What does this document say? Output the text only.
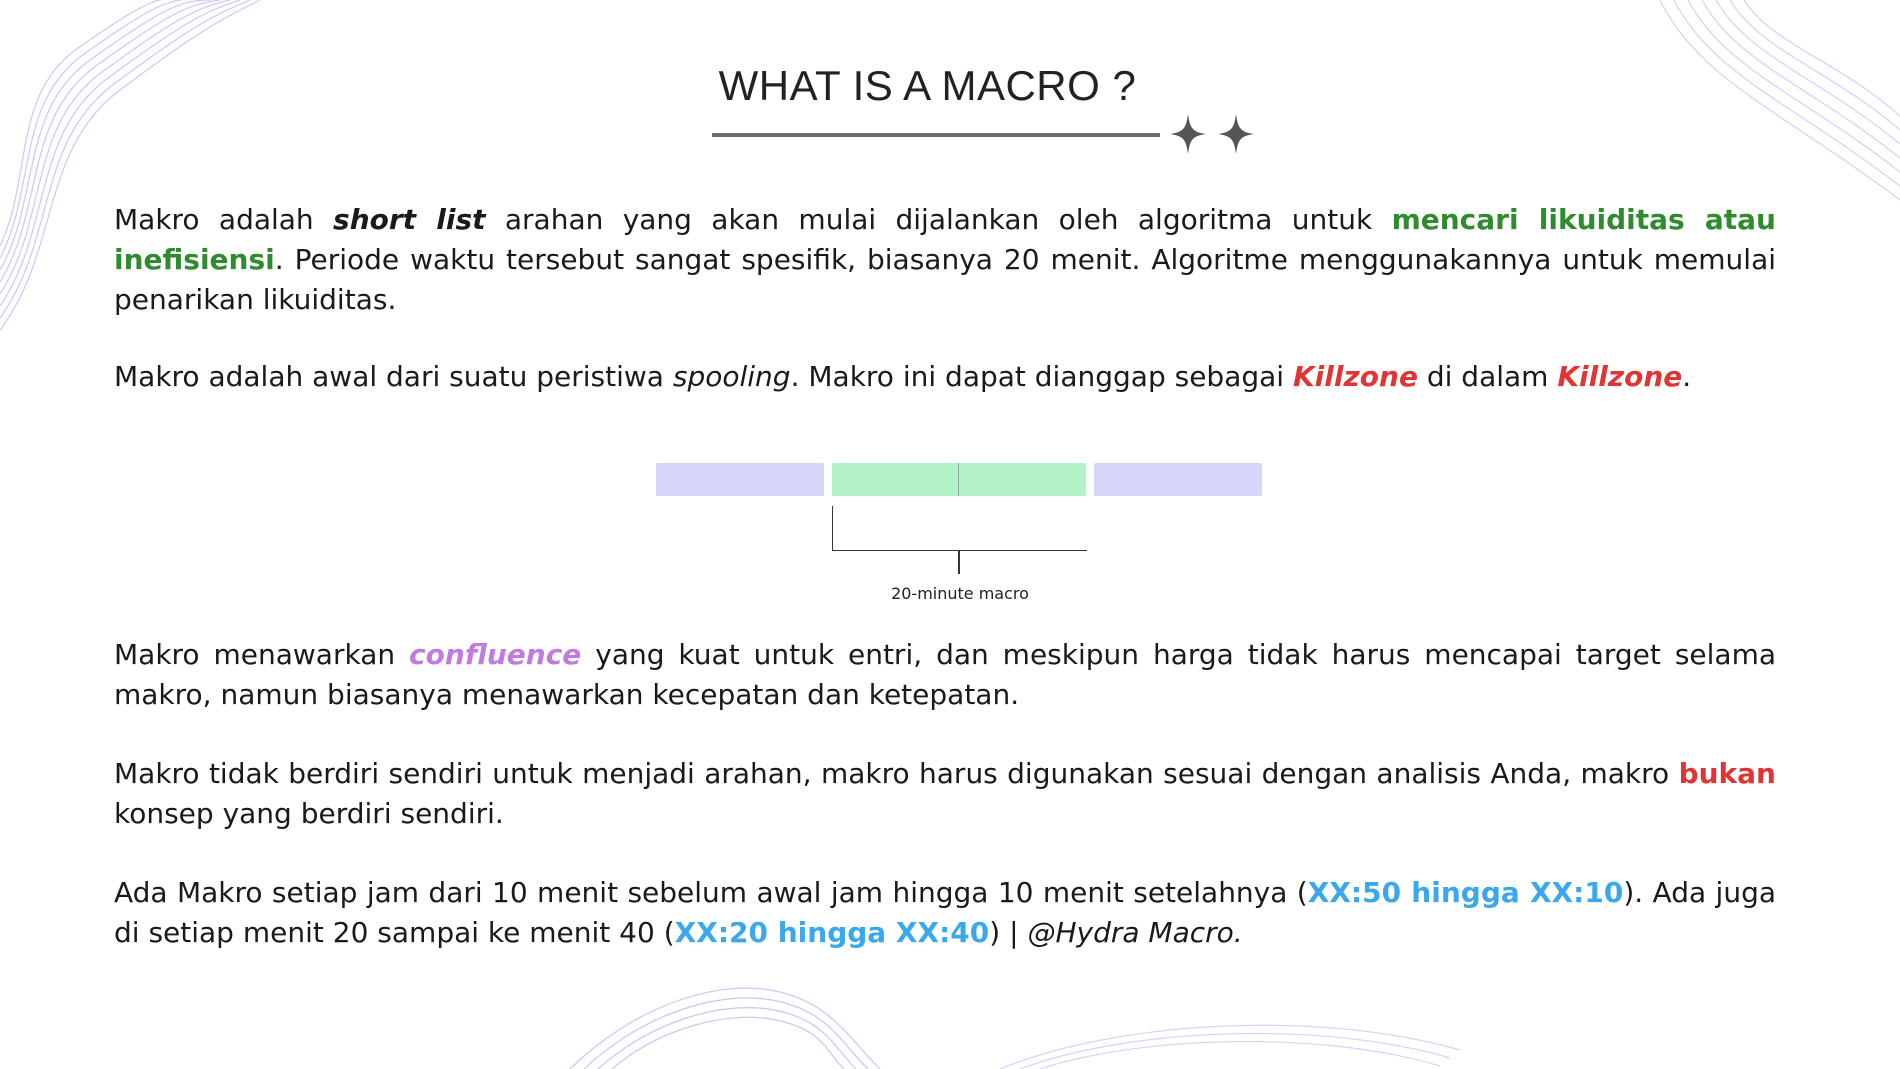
WHAT IS A MACRO ?

Makro adalah short list arahan yang akan mulai dijalankan oleh algoritma untuk mencari likuiditas atau inefisiensi. Periode waktu tersebut sangat spesifik, biasanya 20 menit. Algoritme menggunakannya untuk memulai penarikan likuiditas.

Makro adalah awal dari suatu peristiwa spooling. Makro ini dapat dianggap sebagai Killzone di dalam Killzone.

20-minute macro

Makro menawarkan confluence yang kuat untuk entri, dan meskipun harga tidak harus mencapai target selama makro, namun biasanya menawarkan kecepatan dan ketepatan.

Makro tidak berdiri sendiri untuk menjadi arahan, makro harus digunakan sesuai dengan analisis Anda, makro bukan konsep yang berdiri sendiri.

Ada Makro setiap jam dari 10 menit sebelum awal jam hingga 10 menit setelahnya (XX:50 hingga XX:10). Ada juga di setiap menit 20 sampai ke menit 40 (XX:20 hingga XX:40) | @Hydra Macro.
